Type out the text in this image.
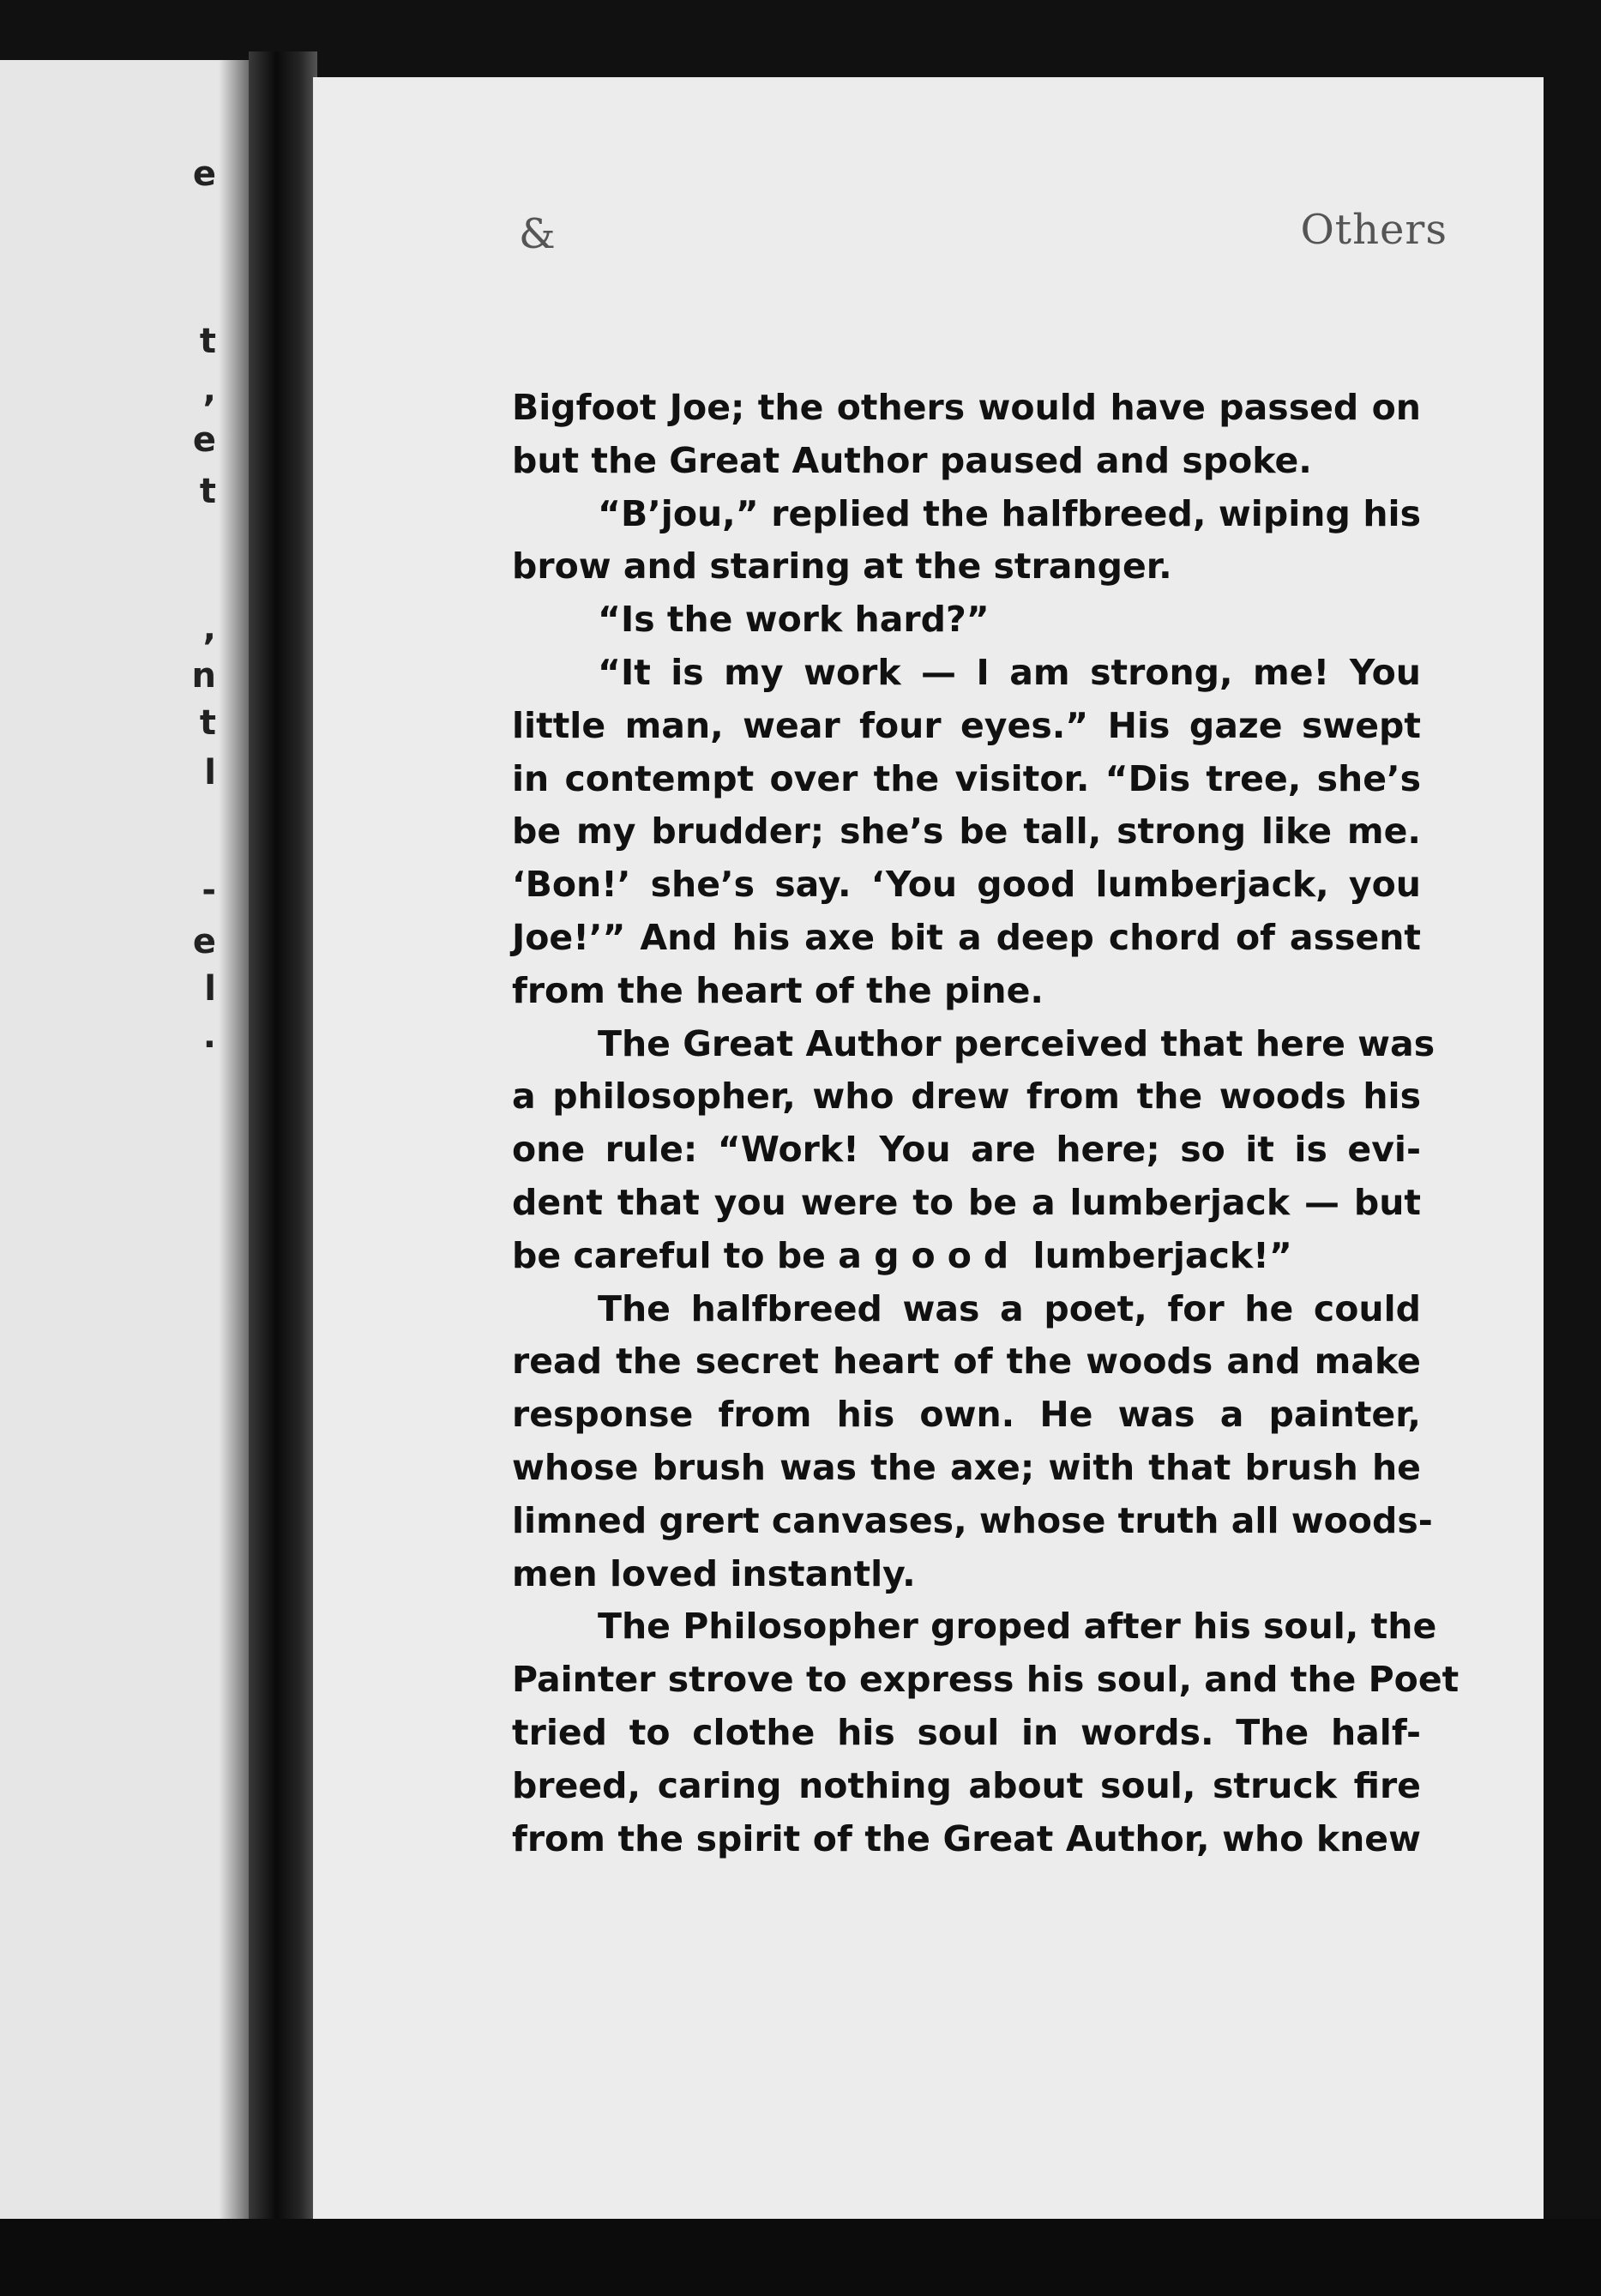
e
t
,
e
t
,
n
t
l
-
e
l
.
&	Others
Bigfoot Joe; the others would have passed on
but the Great Author paused and spoke.
“B’jou,” replied the halfbreed, wiping his
brow and staring at the stranger.
“Is the work hard?”
“It is my work — I am strong, me! You
little man, wear four eyes.” His gaze swept
in contempt over the visitor. “Dis tree, she’s
be my brudder; she’s be tall, strong like me.
‘Bon!’ she’s say. ‘You good lumberjack, you
Joe!’” And his axe bit a deep chord of assent
from the heart of the pine.
The Great Author perceived that here was
a philosopher, who drew from the woods his
one rule: “Work! You are here; so it is evi-
dent that you were to be a lumberjack — but
be careful to be a good lumberjack!”
The halfbreed was a poet, for he could
read the secret heart of the woods and make
response from his own. He was a painter,
whose brush was the axe; with that brush he
limned grert canvases, whose truth all woods-
men loved instantly.
The Philosopher groped after his soul, the
Painter strove to express his soul, and the Poet
tried to clothe his soul in words. The half-
breed, caring nothing about soul, struck fire
from the spirit of the Great Author, who knew
